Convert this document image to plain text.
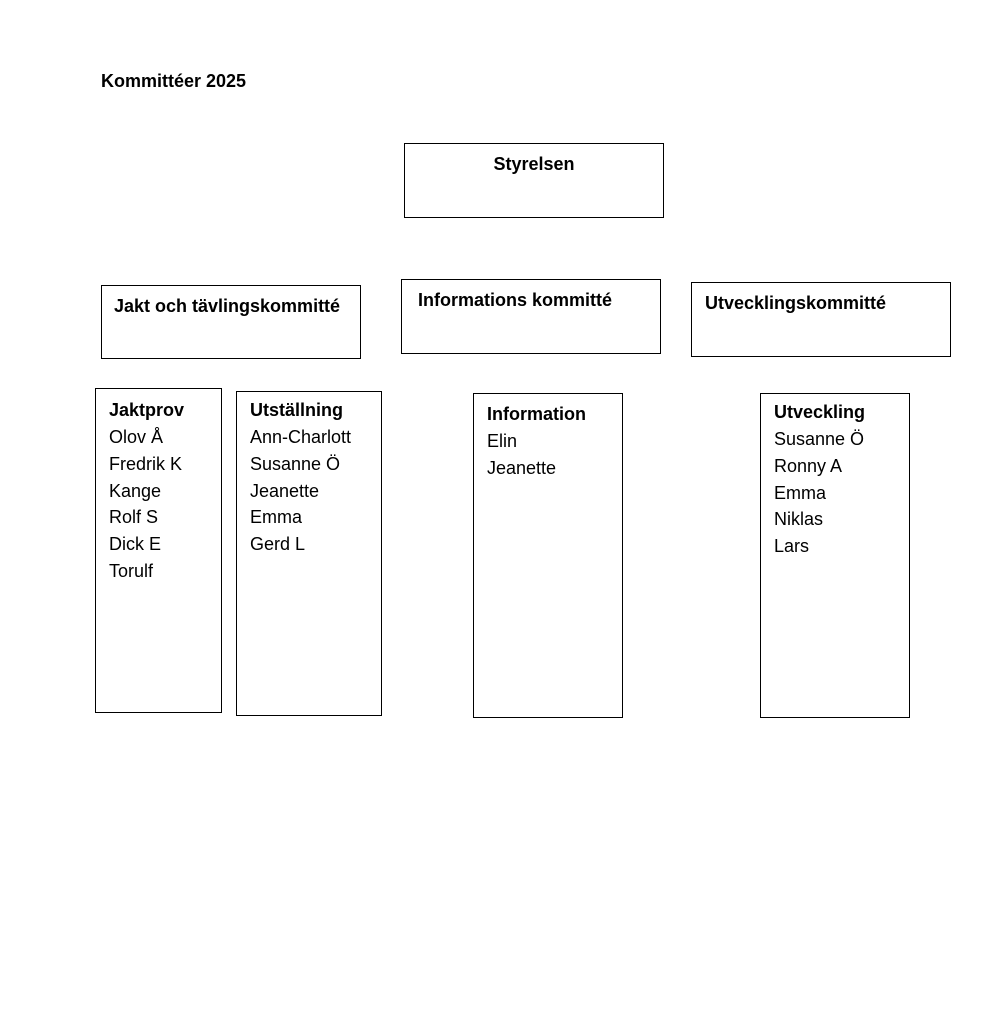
Kommittéer 2025
Styrelsen
Jakt och tävlingskommitté	Informations kommitté	Utvecklingskommitté
Jaktprov
Olov Å
Fredrik K
Kange
Rolf S
Dick E
Torulf
Utställning
Ann-Charlott
Susanne Ö
Jeanette
Emma
Gerd L
Information
Elin
Jeanette
Utveckling
Susanne Ö
Ronny A
Emma
Niklas
Lars
